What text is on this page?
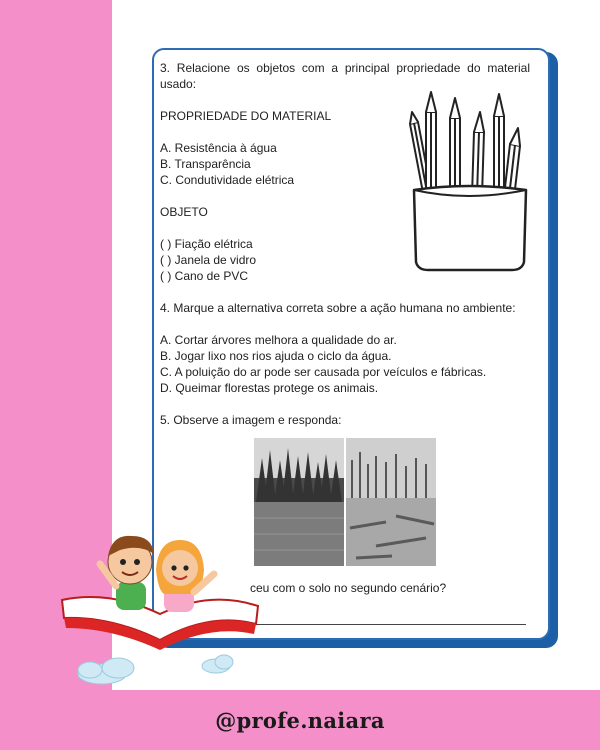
3. Relacione os objetos com a principal propriedade do material usado:
PROPRIEDADE DO MATERIAL
A. Resistência à água
B. Transparência
C. Condutividade elétrica
OBJETO
( ) Fiação elétrica
( ) Janela de vidro
( ) Cano de PVC
4. Marque a alternativa correta sobre a ação humana no ambiente:
A. Cortar árvores melhora a qualidade do ar.
B. Jogar lixo nos rios ajuda o ciclo da água.
C. A poluição do ar pode ser causada por veículos e fábricas.
D. Queimar florestas protege os animais.
5. Observe a imagem e responda:
ceu com o solo no segundo cenário?
@profe.naiara
